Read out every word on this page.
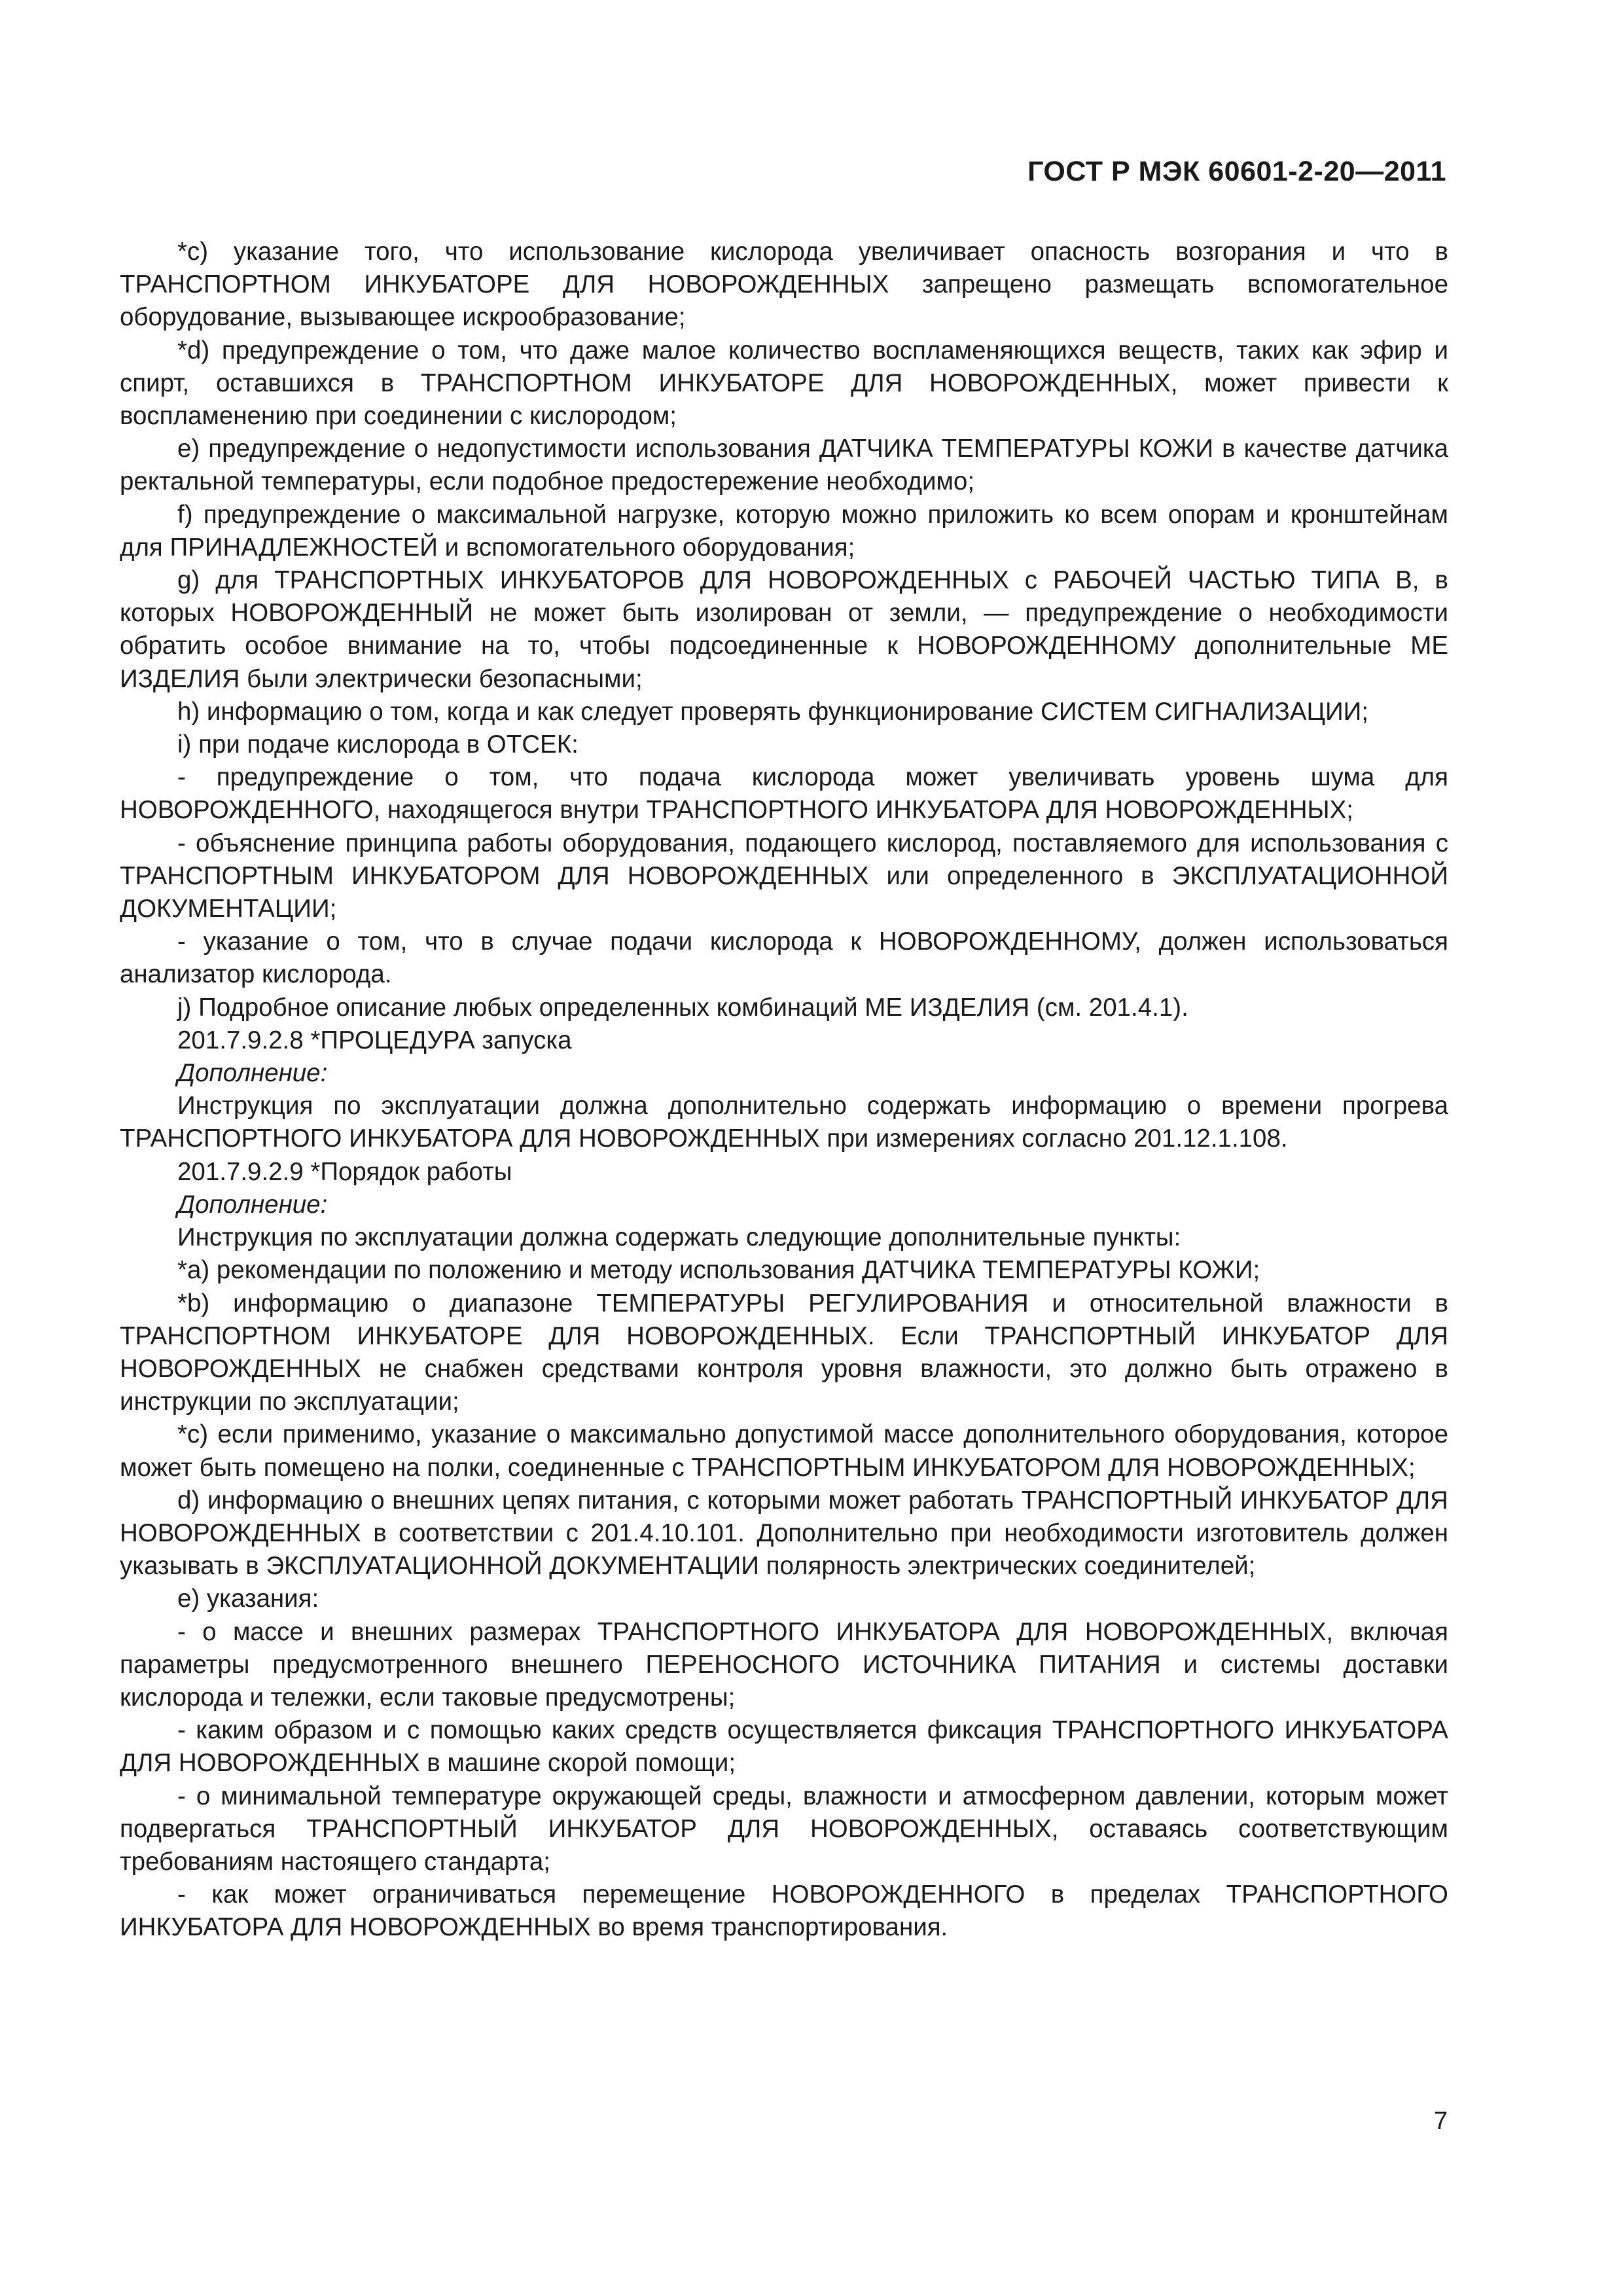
ГОСТ Р МЭК 60601-2-20—2011

*c) указание того, что использование кислорода увеличивает опасность возгорания и что в ТРАНСПОРТНОМ ИНКУБАТОРЕ ДЛЯ НОВОРОЖДЕННЫХ запрещено размещать вспомогательное оборудование, вызывающее искрообразование;

*d) предупреждение о том, что даже малое количество воспламеняющихся веществ, таких как эфир и спирт, оставшихся в ТРАНСПОРТНОМ ИНКУБАТОРЕ ДЛЯ НОВОРОЖДЕННЫХ, может привести к воспламенению при соединении с кислородом;

e) предупреждение о недопустимости использования ДАТЧИКА ТЕМПЕРАТУРЫ КОЖИ в качестве датчика ректальной температуры, если подобное предостережение необходимо;

f) предупреждение о максимальной нагрузке, которую можно приложить ко всем опорам и кронштейнам для ПРИНАДЛЕЖНОСТЕЙ и вспомогательного оборудования;

g) для ТРАНСПОРТНЫХ ИНКУБАТОРОВ ДЛЯ НОВОРОЖДЕННЫХ с РАБОЧЕЙ ЧАСТЬЮ ТИПА В, в которых НОВОРОЖДЕННЫЙ не может быть изолирован от земли, — предупреждение о необходимости обратить особое внимание на то, чтобы подсоединенные к НОВОРОЖДЕННОМУ дополнительные МЕ ИЗДЕЛИЯ были электрически безопасными;

h) информацию о том, когда и как следует проверять функционирование СИСТЕМ СИГНАЛИЗАЦИИ;

i) при подаче кислорода в ОТСЕК:

- предупреждение о том, что подача кислорода может увеличивать уровень шума для НОВОРОЖДЕННОГО, находящегося внутри ТРАНСПОРТНОГО ИНКУБАТОРА ДЛЯ НОВОРОЖДЕННЫХ;

- объяснение принципа работы оборудования, подающего кислород, поставляемого для использования с ТРАНСПОРТНЫМ ИНКУБАТОРОМ ДЛЯ НОВОРОЖДЕННЫХ или определенного в ЭКСПЛУАТАЦИОННОЙ ДОКУМЕНТАЦИИ;

- указание о том, что в случае подачи кислорода к НОВОРОЖДЕННОМУ, должен использоваться анализатор кислорода.

j) Подробное описание любых определенных комбинаций МЕ ИЗДЕЛИЯ (см. 201.4.1).

201.7.9.2.8 *ПРОЦЕДУРА запуска

Дополнение:

Инструкция по эксплуатации должна дополнительно содержать информацию о времени прогрева ТРАНСПОРТНОГО ИНКУБАТОРА ДЛЯ НОВОРОЖДЕННЫХ при измерениях согласно 201.12.1.108.

201.7.9.2.9 *Порядок работы

Дополнение:

Инструкция по эксплуатации должна содержать следующие дополнительные пункты:

*a) рекомендации по положению и методу использования ДАТЧИКА ТЕМПЕРАТУРЫ КОЖИ;

*b) информацию о диапазоне ТЕМПЕРАТУРЫ РЕГУЛИРОВАНИЯ и относительной влажности в ТРАНСПОРТНОМ ИНКУБАТОРЕ ДЛЯ НОВОРОЖДЕННЫХ. Если ТРАНСПОРТНЫЙ ИНКУБАТОР ДЛЯ НОВОРОЖДЕННЫХ не снабжен средствами контроля уровня влажности, это должно быть отражено в инструкции по эксплуатации;

*c) если применимо, указание о максимально допустимой массе дополнительного оборудования, которое может быть помещено на полки, соединенные с ТРАНСПОРТНЫМ ИНКУБАТОРОМ ДЛЯ НОВОРОЖДЕННЫХ;

d) информацию о внешних цепях питания, с которыми может работать ТРАНСПОРТНЫЙ ИНКУБАТОР ДЛЯ НОВОРОЖДЕННЫХ в соответствии с 201.4.10.101. Дополнительно при необходимости изготовитель должен указывать в ЭКСПЛУАТАЦИОННОЙ ДОКУМЕНТАЦИИ полярность электрических соединителей;

e) указания:

- о массе и внешних размерах ТРАНСПОРТНОГО ИНКУБАТОРА ДЛЯ НОВОРОЖДЕННЫХ, включая параметры предусмотренного внешнего ПЕРЕНОСНОГО ИСТОЧНИКА ПИТАНИЯ и системы доставки кислорода и тележки, если таковые предусмотрены;

- каким образом и с помощью каких средств осуществляется фиксация ТРАНСПОРТНОГО ИНКУБАТОРА ДЛЯ НОВОРОЖДЕННЫХ в машине скорой помощи;

- о минимальной температуре окружающей среды, влажности и атмосферном давлении, которым может подвергаться ТРАНСПОРТНЫЙ ИНКУБАТОР ДЛЯ НОВОРОЖДЕННЫХ, оставаясь соответствующим требованиям настоящего стандарта;

- как может ограничиваться перемещение НОВОРОЖДЕННОГО в пределах ТРАНСПОРТНОГО ИНКУБАТОРА ДЛЯ НОВОРОЖДЕННЫХ во время транспортирования.

7
